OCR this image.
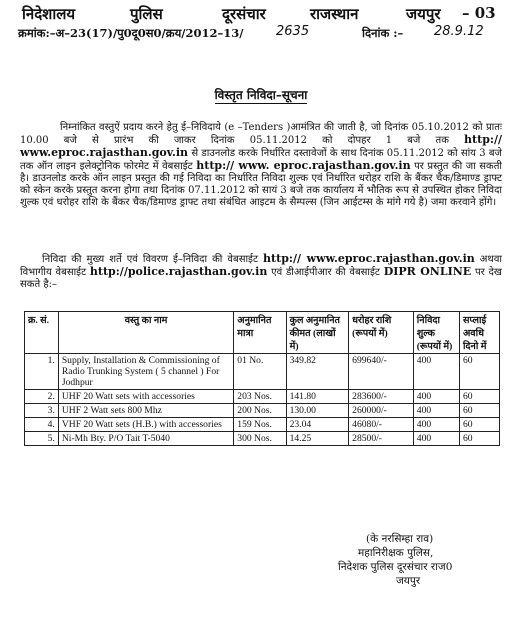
निदेशालय	पुलिस	दूरसंचार	राजस्थान	जयपुर – 03
क्रमांक:–अ–23(17)/पु0दू0स0/क्रय/2012–13/	2635	दिनांक :– 28.9.12
विस्तृत निविदा–सूचना
निम्नांकित वस्तुऐं प्रदाय करने हेतु ई–निविदाये (e –Tenders )आमंत्रित की जाती है, जो दिनांक 05.10.2012 को प्रातः 10.00 बजे से प्रारंभ की जाकर दिनांक 05.11.2012 को दोपहर 1 बजे तक http:// www.eproc.rajasthan.gov.in से डाउनलोड करके निर्धारित दस्तावेजों के साथ दिनांक 05.11.2012 को सांय 3 बजे तक ऑन लाइन इलेक्ट्रोनिक फोरमेट में वेबसाईट http:// www. eproc.rajasthan.gov.in पर प्रस्तुत की जा सकती है। डाउनलोड करके ऑन लाइन प्रस्तुत की गई निविदा का निर्धारित निविदा शुल्क एवं निर्धारित धरोहर राशि के बैंकर चैक/डिमाण्ड ड्राफ्ट को स्केन करके प्रस्तुत करना होगा तथा दिनांक 07.11.2012 को सायं 3 बजे तक कार्यालय में भौतिक रूप से उपस्थित होकर निविदा शुल्क एवं धरोहर राशि के बैंकर चैक/डिमाण्ड ड्राफ्ट तथा संबंधित आइटम के सैम्पल्स (जिन आईटम्स के मांगे गये है) जमा करवाने होंगे।
निविदा की मुख्य शर्ते एवं विवरण ई–निविदा की वेबसाईट http:// www.eproc.rajasthan.gov.in अथवा विभागीय वेबसाईट http://police.rajasthan.gov.in एवं डीआईपीआर की वेबसाईट DIPR ONLINE पर देख सकते है:–
क्र. सं.	वस्तु का नाम	अनुमानित मात्रा	कुल अनुमानित कीमत (लाखों में)	धरोहर राशि (रूपयों में)	निविदा शुल्क (रूपयों में)	सप्लाई अवधि दिनो में
1.	Supply, Installation & Commissioning of Radio Trunking System ( 5 channel ) For Jodhpur	01 No.	349.82	699640/-	400	60
2.	UHF 20 Watt sets with accessories	203 Nos.	141.80	283600/-	400	60
3.	UHF 2 Watt sets 800 Mhz	200 Nos.	130.00	260000/-	400	60
4.	VHF 20 Watt sets (H.B.) with accessories	159 Nos.	23.04	46080/-	400	60
5.	Ni-Mh Bty. P/O Tait T-5040	300 Nos.	14.25	28500/-	400	60
(के नरसिम्हा राव)
महानिरीक्षक पुलिस,
निदेशक पुलिस दूरसंचार राज0
जयपुर
